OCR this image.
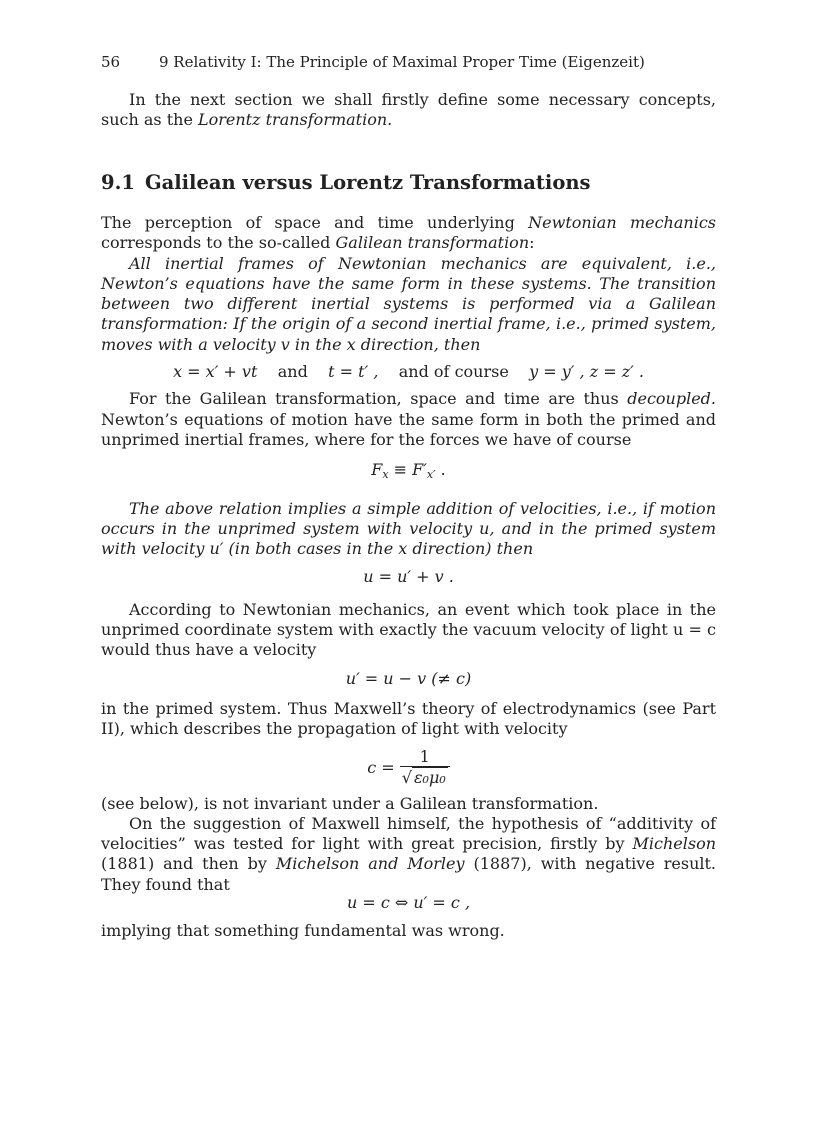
56	9 Relativity I: The Principle of Maximal Proper Time (Eigenzeit)

In the next section we shall firstly define some necessary concepts, such as the Lorentz transformation.

9.1 Galilean versus Lorentz Transformations

The perception of space and time underlying Newtonian mechanics corresponds to the so-called Galilean transformation:

All inertial frames of Newtonian mechanics are equivalent, i.e., Newton’s equations have the same form in these systems. The transition between two different inertial systems is performed via a Galilean transformation: If the origin of a second inertial frame, i.e., primed system, moves with a velocity v in the x direction, then

x = x′ + vt and t = t′ , and of course y = y′ , z = z′ .

For the Galilean transformation, space and time are thus decoupled. Newton’s equations of motion have the same form in both the primed and unprimed inertial frames, where for the forces we have of course

$F_x \equiv F'_{x'}$ .

The above relation implies a simple addition of velocities, i.e., if motion occurs in the unprimed system with velocity u, and in the primed system with velocity u′ (in both cases in the x direction) then

u = u′ + v .

According to Newtonian mechanics, an event which took place in the unprimed coordinate system with exactly the vacuum velocity of light u = c would thus have a velocity

u′ = u − v (≠ c)

in the primed system. Thus Maxwell’s theory of electrodynamics (see Part II), which describes the propagation of light with velocity

$c = \frac{1}{\text{√ ε₀μ₀}}$

(see below), is not invariant under a Galilean transformation.

On the suggestion of Maxwell himself, the hypothesis of “additivity of velocities” was tested for light with great precision, firstly by Michelson (1881) and then by Michelson and Morley (1887), with negative result. They found that

u = c ⇔ u′ = c ,

implying that something fundamental was wrong.
